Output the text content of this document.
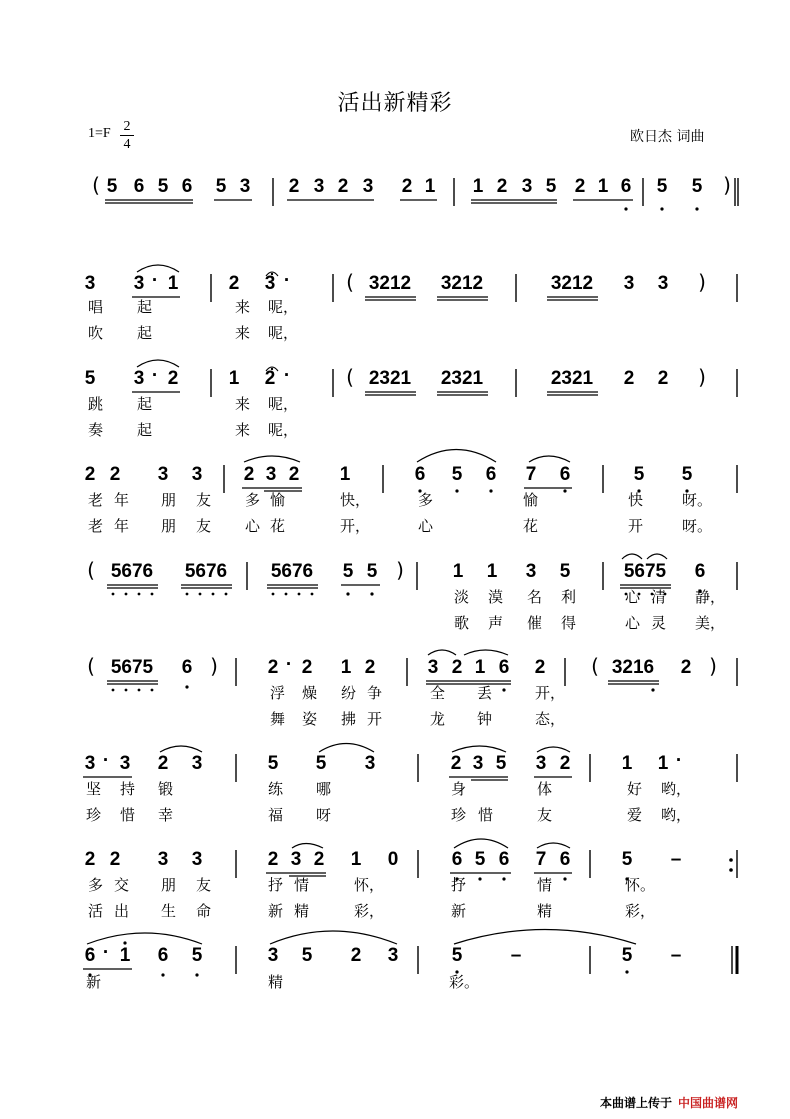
活出新精彩
1=F 2
4	欧日杰 词曲
( 5 6 5 6 5 3 2 3 2 3 2 1 1 2 3 5 2 1 6 5 5 )
3 3 · 1	2 3 ·	( 3212 3212	3212 3 3 )
唱 起	来 呢，
吹 起	来 呢，
5 3 · 2	1 2 ·	( 2321 2321	2321 2 2 )
跳 起	来 呢，
奏 起	来 呢，
2 2 3 3 2 3 2 1	6 5 6 7 6	5 5
老 年 朋 友 多 愉	快，	多	愉	快	呀。
老 年 朋 友 心 花	开，	心	花	开	呀。
( 5676 5676 5676 5 5 )	1 1 3 5	5675 6
淡 漠 名 利	心 清 静，
歌 声 催 得	心 灵 美，
( 5675 6 )	2 · 2 1 2	3 2 1 6 2 ( 3216 2 )
浮 燥 纷 争	全 丢	开，
舞 姿 拂 开	龙 钟	态，
3 · 3 2 3	5 5 3	2 3 5 3 2	1 1 ·
坚 持 锻	练 哪	身	体	好 哟，
珍 惜 幸	福 呀	珍 惜	友	爱 哟，
2 2 3 3	2 3 2 1 0	6 5 6 7 6	5 –
多 交 朋 友	抒 情	怀，	抒	情	怀。
活 出 生 命	新 精	彩，	新	精	彩，
6 · 1 6 5	3 5 2 3	5	–	5 –
新	精	彩。
本曲谱上传于 中国曲谱网
